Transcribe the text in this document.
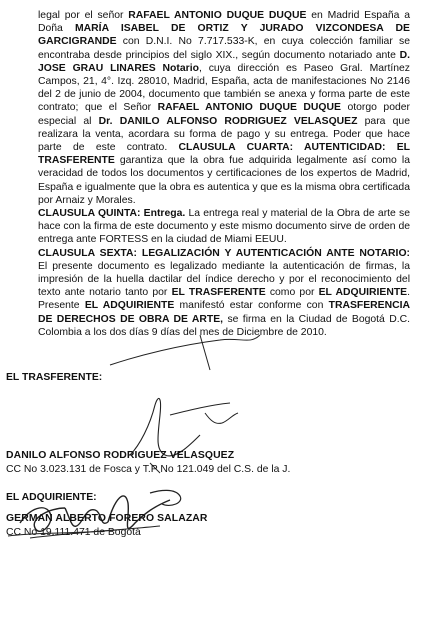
legal por el señor RAFAEL ANTONIO DUQUE DUQUE en Madrid España a Doña MARÍA ISABEL DE ORTIZ Y JURADO VIZCONDESA DE GARCIGRANDE con D.N.I. No 7.717.533-K, en cuya colección familiar se encontraba desde principios del siglo XIX., según documento notariado ante D. JOSE GRAU LINARES Notario, cuya dirección es Paseo Gral. Martínez Campos, 21, 4°. Izq. 28010, Madrid, España, acta de manifestaciones No 2146 del 2 de junio de 2004, documento que también se anexa y forma parte de este contrato; que el Señor RAFAEL ANTONIO DUQUE DUQUE otorgo poder especial al Dr. DANILO ALFONSO RODRIGUEZ VELASQUEZ para que realizara la venta, acordara su forma de pago y su entrega. Poder que hace parte de este contrato. CLAUSULA CUARTA: AUTENTICIDAD: EL TRASFERENTE garantiza que la obra fue adquirida legalmente así como la veracidad de todos los documentos y certificaciones de los expertos de Madrid, España e igualmente que la obra es autentica y que es la misma obra certificada por Arnaiz y Morales.

CLAUSULA QUINTA: Entrega. La entrega real y material de la Obra de arte se hace con la firma de este documento y este mismo documento sirve de orden de entrega ante FORTESS en la ciudad de Miami EEUU.

CLAUSULA SEXTA: LEGALIZACIÓN Y AUTENTICACIÓN ANTE NOTARIO: El presente documento es legalizado mediante la autenticación de firmas, la impresión de la huella dactilar del índice derecho y por el reconocimiento del texto ante notario tanto por EL TRASFERENTE como por EL ADQUIRIENTE. Presente EL ADQUIRIENTE manifestó estar conforme con TRASFERENCIA DE DERECHOS DE OBRA DE ARTE, se firma en la Ciudad de Bogotá D.C. Colombia a los dos días 9 días del mes de Diciembre de 2010.

EL TRASFERENTE:
DANILO ALFONSO RODRIGUEZ VELASQUEZ
CC No 3.023.131 de Fosca y T.P No 121.049 del C.S. de la J.
EL ADQUIRIENTE:
GERMAN ALBERTO FORERO SALAZAR
CC No 19.111.471 de Bogotá
